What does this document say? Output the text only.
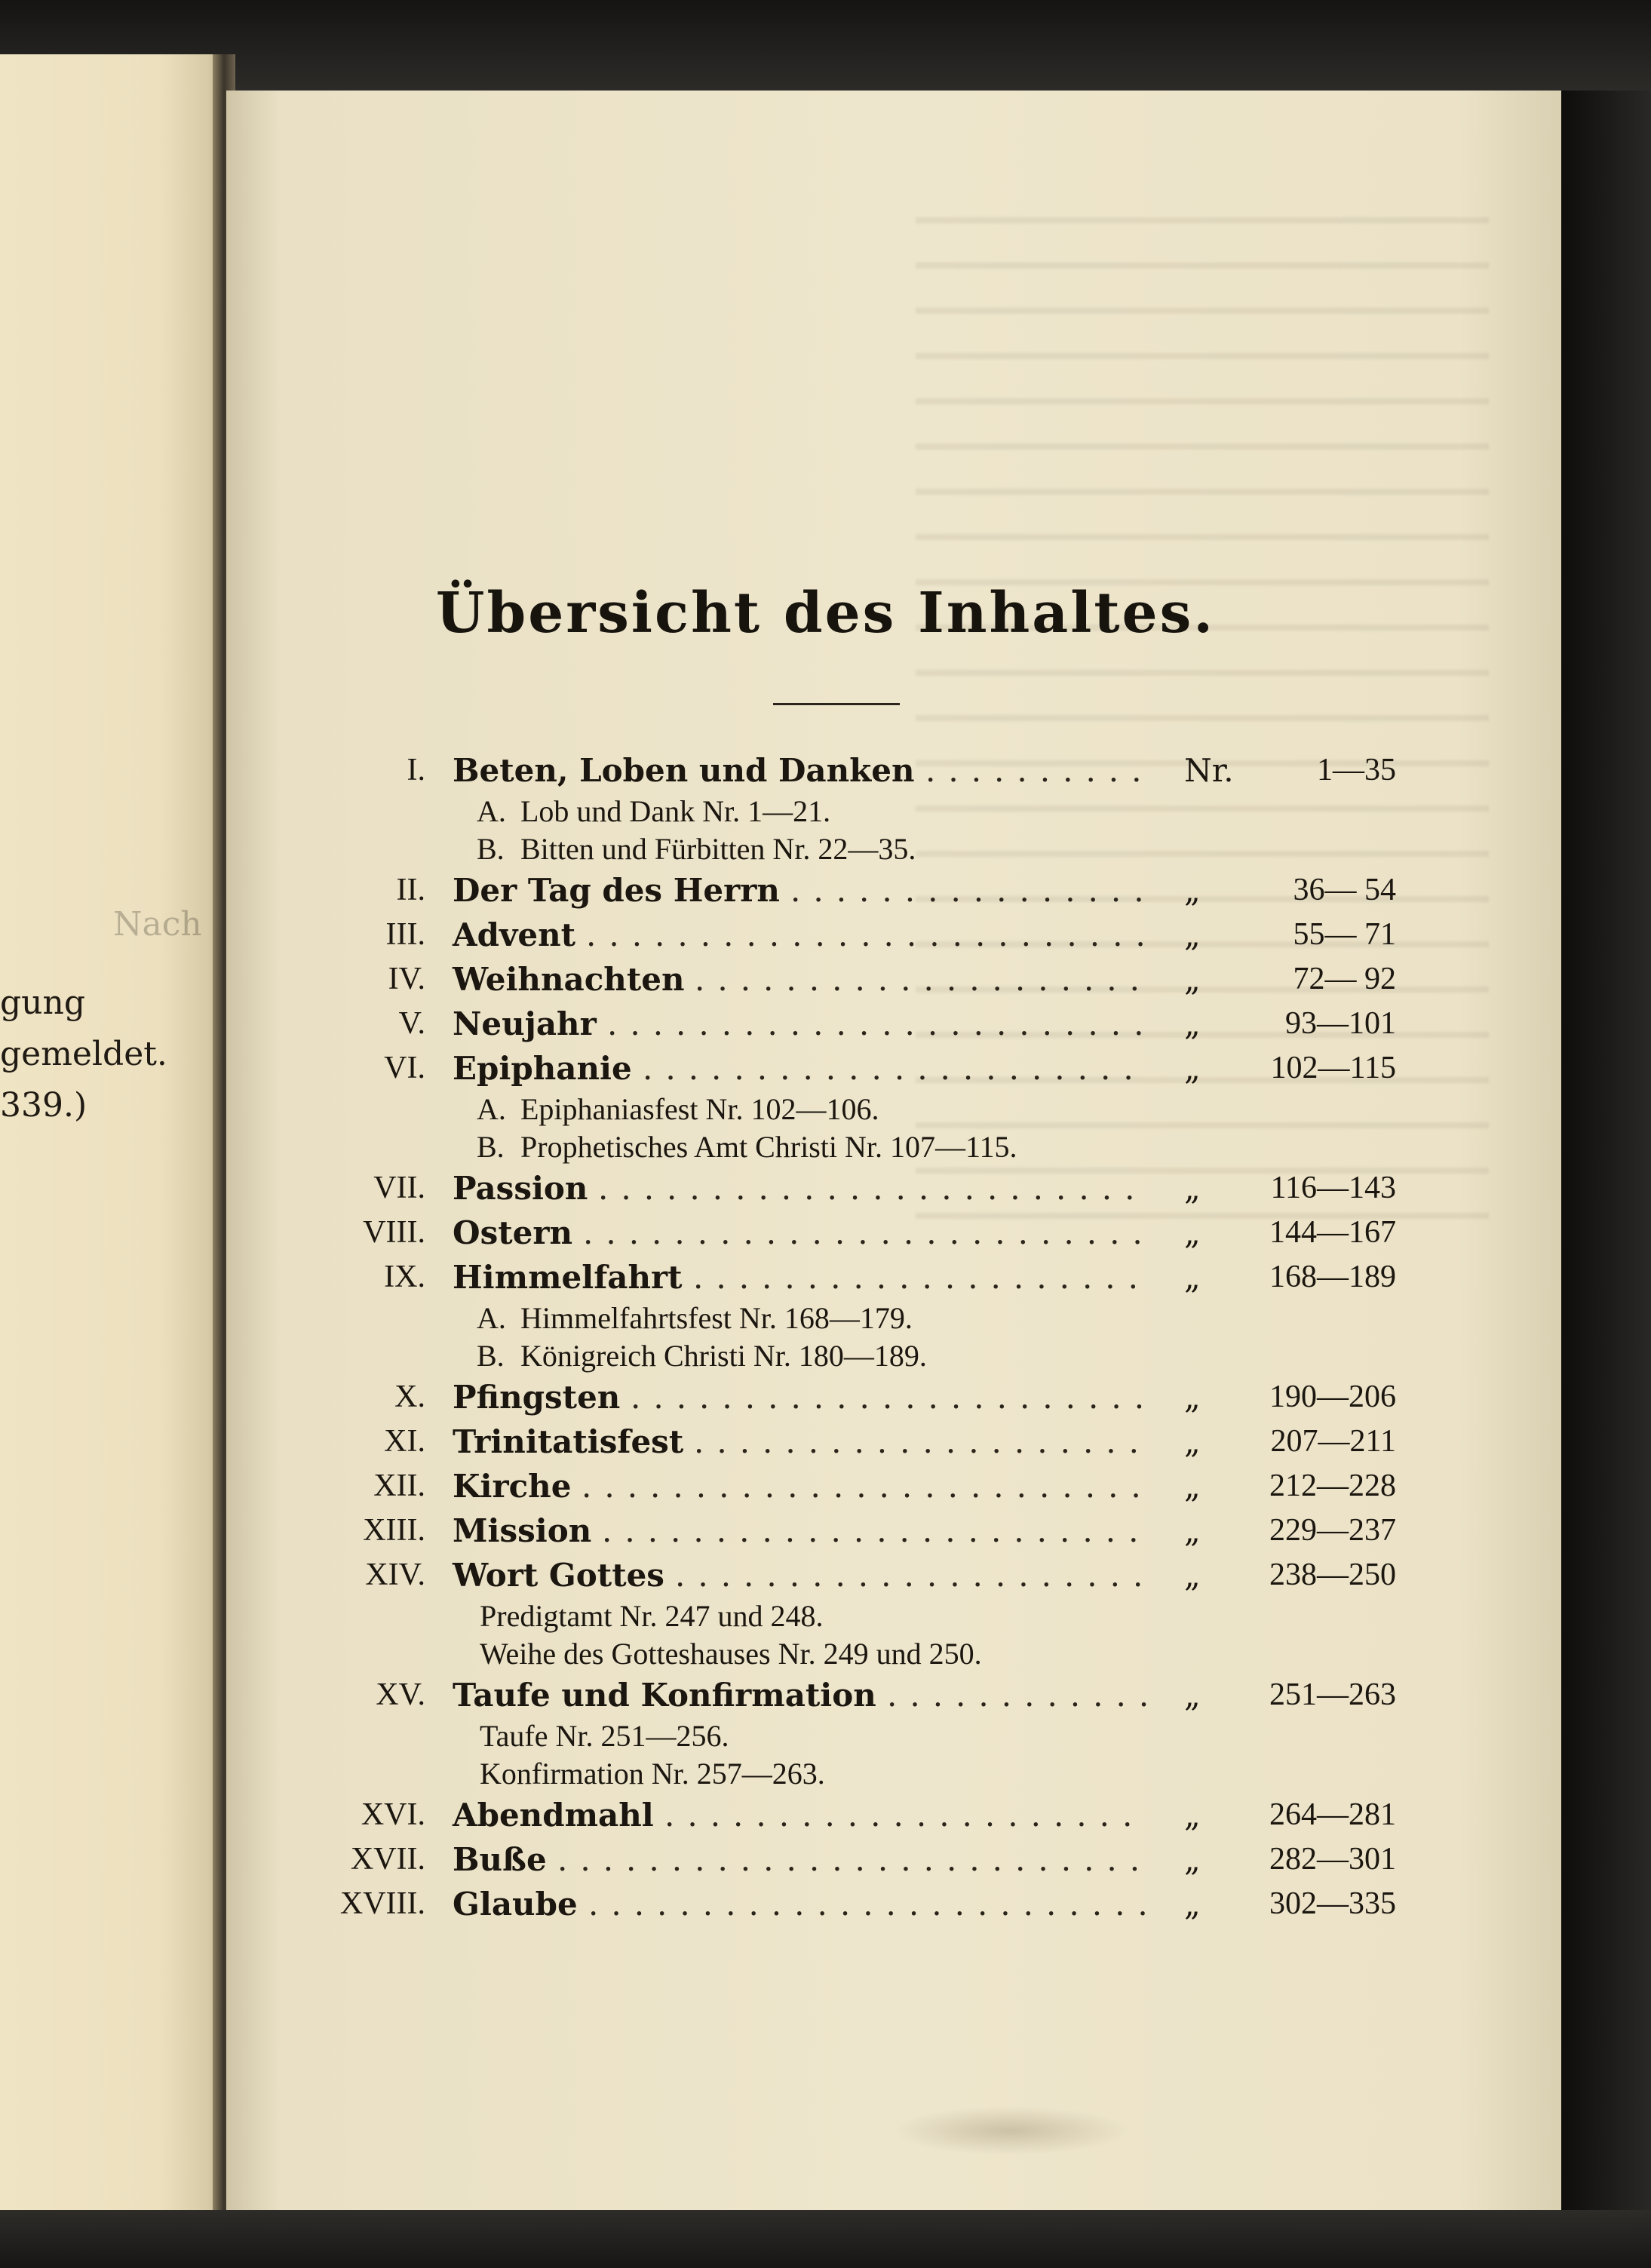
Nach
gung
gemeldet.
339.)
Übersicht des Inhaltes.
I. Beten, Loben und Danken .......... Nr.	1—35
A. Lob und Dank Nr. 1—21.
B. Bitten und Fürbitten Nr. 22—35.
II. Der Tag des Herrn ................ „	36— 54
III. Advent ......................... „	55— 71
IV. Weihnachten .................... „	72— 92
V. Neujahr ........................ „	93—101
VI. Epiphanie ...................... „ 102—115
A. Epiphaniasfest Nr. 102—106.
B. Prophetisches Amt Christi Nr. 107—115.
VII. Passion ........................ „ 116—143
VIII. Ostern ......................... „ 144—167
IX. Himmelfahrt .................... „ 168—189
A. Himmelfahrtsfest Nr. 168—179.
B. Königreich Christi Nr. 180—189.
X. Pfingsten ....................... „ 190—206
XI. Trinitatisfest .................... „ 207—211
XII. Kirche ......................... „ 212—228
XIII. Mission ........................ „ 229—237
XIV. Wort Gottes ..................... „ 238—250
Predigtamt Nr. 247 und 248.
Weihe des Gotteshauses Nr. 249 und 250.
XV. Taufe und Konfirmation ............ „ 251—263
Taufe Nr. 251—256.
Konfirmation Nr. 257—263.
XVI. Abendmahl ..................... „ 264—281
XVII. Buße .......................... „ 282—301
XVIII. Glaube ......................... „ 302—335
